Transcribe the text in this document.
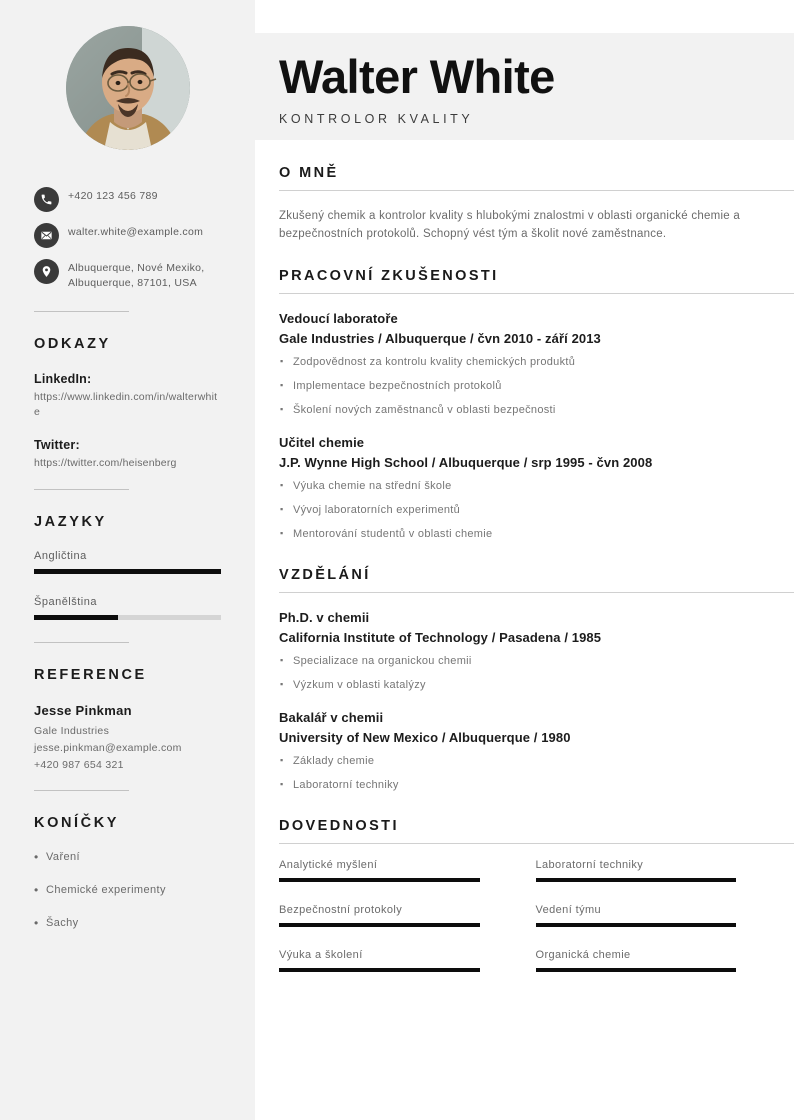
+420 123 456 789
walter.white@example.com
Albuquerque, Nové Mexiko, Albuquerque, 87101, USA
ODKAZY
LinkedIn:
https://www.linkedin.com/in/walterwhite
Twitter:
https://twitter.com/heisenberg
JAZYKY
Angličtina
Španělština
REFERENCE
Jesse Pinkman
Gale Industries
jesse.pinkman@example.com
+420 987 654 321
KONÍČKY
• Vaření
• Chemické experimenty
• Šachy
Walter White
KONTROLOR KVALITY
O MNĚ

Zkušený chemik a kontrolor kvality s hlubokými znalostmi v oblasti organické chemie a bezpečnostních protokolů. Schopný vést tým a školit nové zaměstnance.

PRACOVNÍ ZKUŠENOSTI
Vedoucí laboratoře
Gale Industries / Albuquerque / čvn 2010 - září 2013
▪ Zodpovědnost za kontrolu kvality chemických produktů
▪ Implementace bezpečnostních protokolů
▪ Školení nových zaměstnanců v oblasti bezpečnosti
Učitel chemie
J.P. Wynne High School / Albuquerque / srp 1995 - čvn 2008
▪ Výuka chemie na střední škole
▪ Vývoj laboratorních experimentů
▪ Mentorování studentů v oblasti chemie
VZDĚLÁNÍ
Ph.D. v chemii
California Institute of Technology / Pasadena / 1985
▪ Specializace na organickou chemii
▪ Výzkum v oblasti katalýzy
Bakalář v chemii
University of New Mexico / Albuquerque / 1980
▪ Základy chemie
▪ Laboratorní techniky
DOVEDNOSTI
Analytické myšlení	Laboratorní techniky
Bezpečnostní protokoly	Vedení týmu
Výuka a školení	Organická chemie
